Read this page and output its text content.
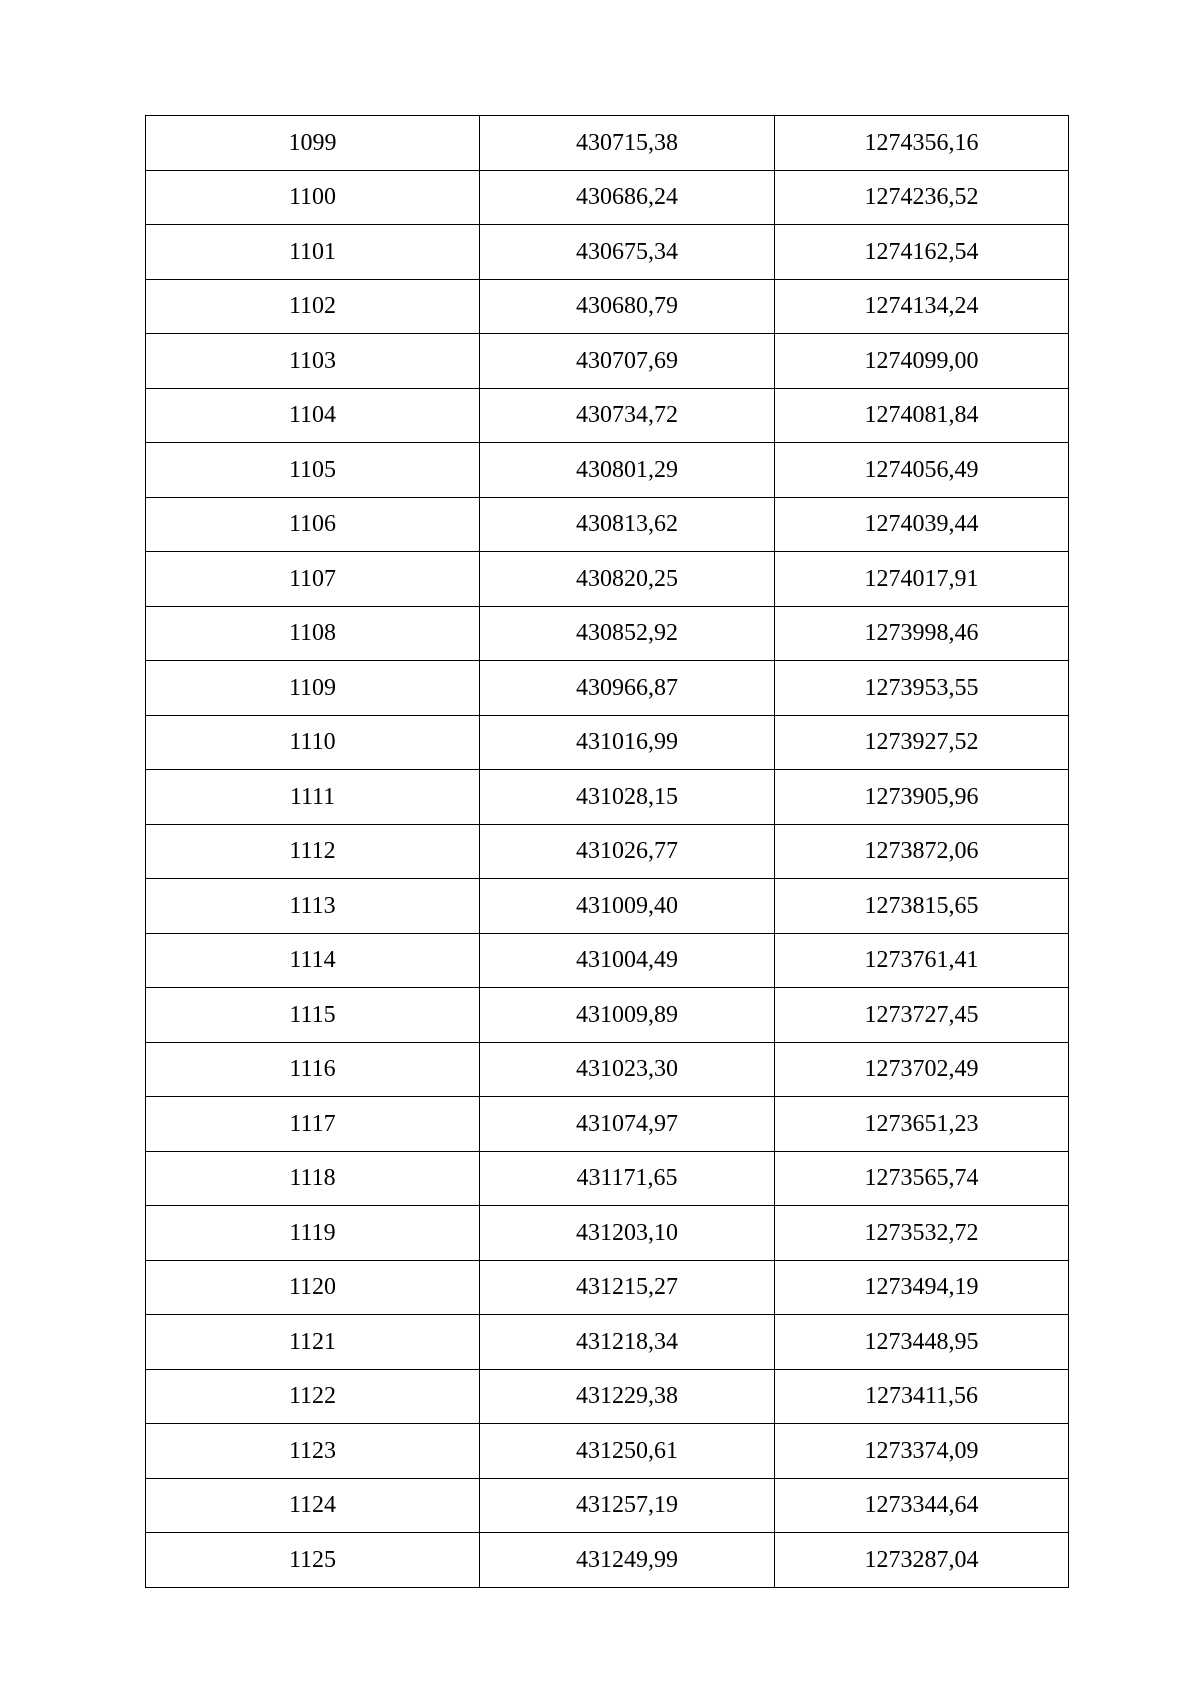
1099	430715,38	1274356,16
1100	430686,24	1274236,52
1101	430675,34	1274162,54
1102	430680,79	1274134,24
1103	430707,69	1274099,00
1104	430734,72	1274081,84
1105	430801,29	1274056,49
1106	430813,62	1274039,44
1107	430820,25	1274017,91
1108	430852,92	1273998,46
1109	430966,87	1273953,55
1110	431016,99	1273927,52
1111	431028,15	1273905,96
1112	431026,77	1273872,06
1113	431009,40	1273815,65
1114	431004,49	1273761,41
1115	431009,89	1273727,45
1116	431023,30	1273702,49
1117	431074,97	1273651,23
1118	431171,65	1273565,74
1119	431203,10	1273532,72
1120	431215,27	1273494,19
1121	431218,34	1273448,95
1122	431229,38	1273411,56
1123	431250,61	1273374,09
1124	431257,19	1273344,64
1125	431249,99	1273287,04
